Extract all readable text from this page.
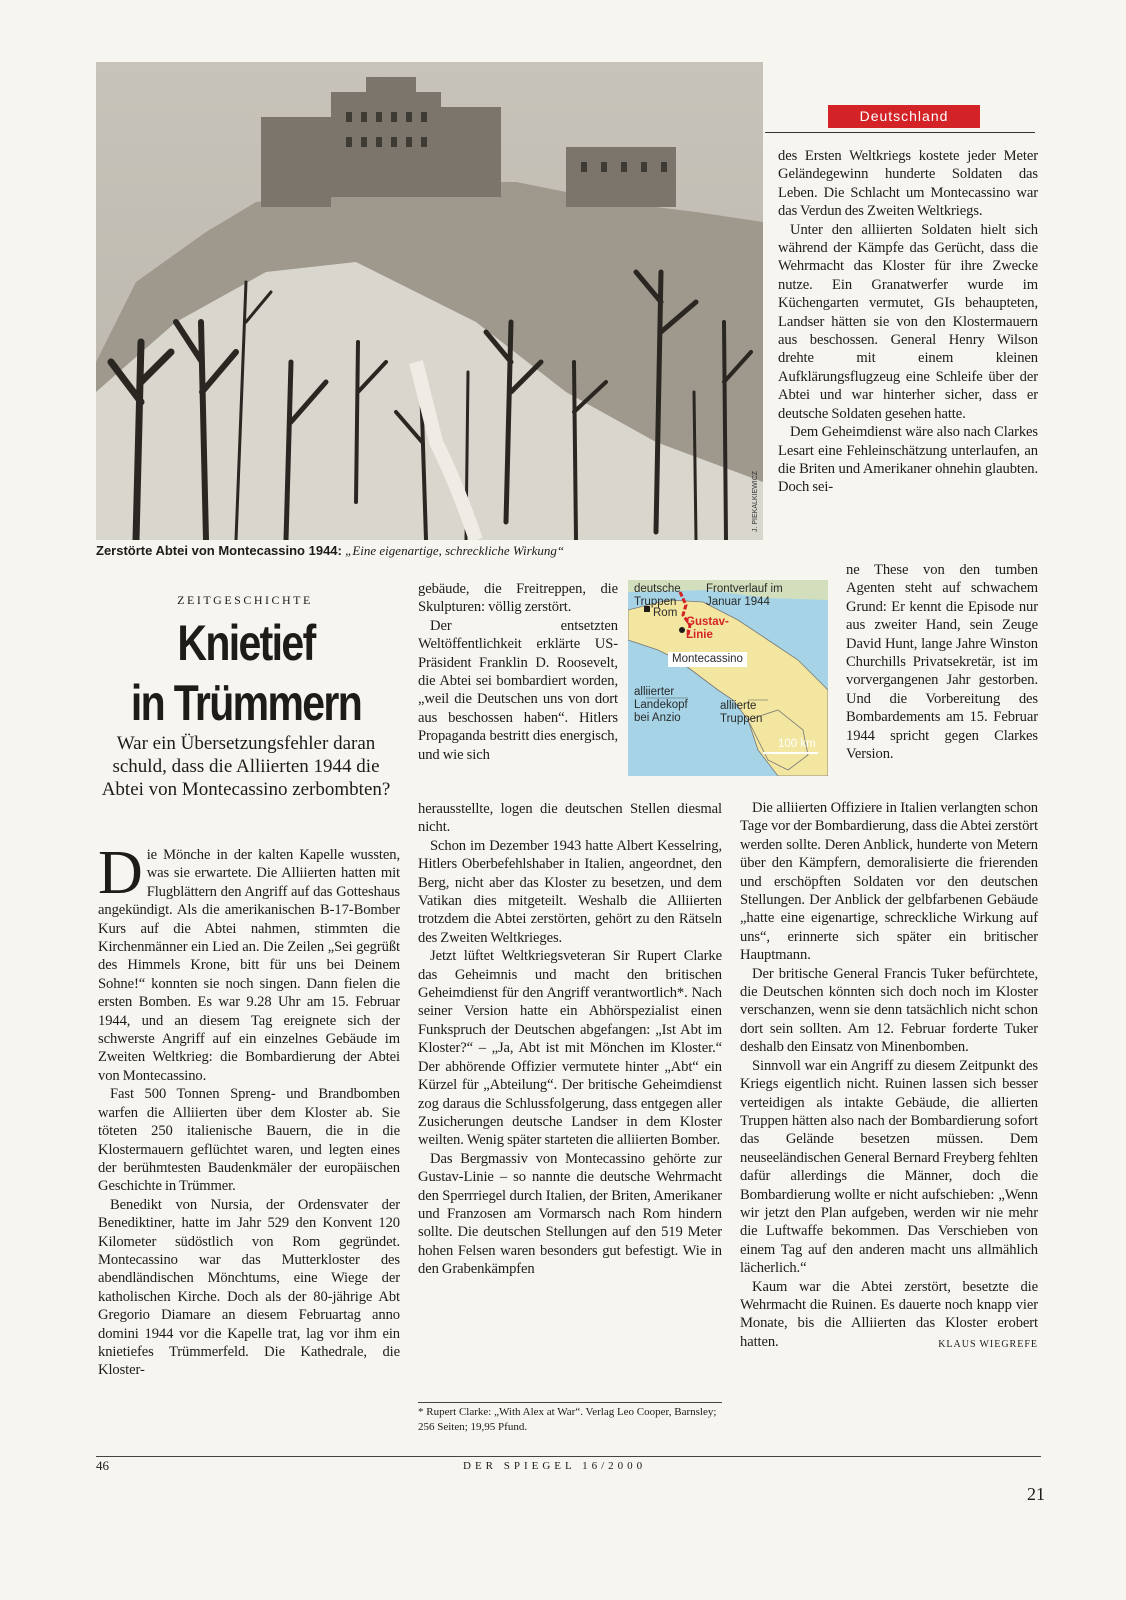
J. PIEKALKIEWICZ
Zerstörte Abtei von Montecassino 1944: „Eine eigenartige, schreckliche Wirkung“
Deutschland
ZEITGESCHICHTE
Knietief
in Trümmern
War ein Übersetzungsfehler daran schuld, dass die Alliierten 1944 die Abtei von Montecassino zerbombten?
D ie Mönche in der kalten Kapelle wussten, was sie erwartete. Die Alliierten hatten mit Flugblättern den Angriff auf das Gotteshaus angekündigt. Als die amerikanischen B-17-Bomber Kurs auf die Abtei nahmen, stimmten die Kirchenmänner ein Lied an. Die Zeilen „Sei gegrüßt des Himmels Krone, bitt für uns bei Deinem Sohne!“ konnten sie noch singen. Dann fielen die ersten Bomben. Es war 9.28 Uhr am 15. Februar 1944, und an diesem Tag ereignete sich der schwerste Angriff auf ein einzelnes Gebäude im Zweiten Weltkrieg: die Bombardierung der Abtei von Montecassino.

Fast 500 Tonnen Spreng- und Brandbomben warfen die Alliierten über dem Kloster ab. Sie töteten 250 italienische Bauern, die in die Klostermauern geflüchtet waren, und legten eines der berühmtesten Baudenkmäler der europäischen Geschichte in Trümmer.

Benedikt von Nursia, der Ordensvater der Benediktiner, hatte im Jahr 529 den Konvent 120 Kilometer südöstlich von Rom gegründet. Montecassino war das Mutterkloster des abendländischen Mönchtums, eine Wiege der katholischen Kirche. Doch als der 80-jährige Abt Gregorio Diamare an diesem Februartag anno domini 1944 vor die Kapelle trat, lag vor ihm ein knietiefes Trümmerfeld. Die Kathedrale, die Kloster-

gebäude, die Freitreppen, die Skulpturen: völlig zerstört.

Der entsetzten Weltöffentlichkeit erklärte US-Präsident Franklin D. Roosevelt, die Abtei sei bombardiert worden, „weil die Deutschen uns von dort aus beschossen haben“. Hitlers Propaganda bestritt dies energisch, und wie sich

herausstellte, logen die deutschen Stellen diesmal nicht.

Schon im Dezember 1943 hatte Albert Kesselring, Hitlers Oberbefehlshaber in Italien, angeordnet, den Berg, nicht aber das Kloster zu besetzen, und dem Vatikan dies mitgeteilt. Weshalb die Alliierten trotzdem die Abtei zerstörten, gehört zu den Rätseln des Zweiten Weltkrieges.

Jetzt lüftet Weltkriegsveteran Sir Rupert Clarke das Geheimnis und macht den britischen Geheimdienst für den Angriff verantwortlich*. Nach seiner Version hatte ein Abhörspezialist einen Funkspruch der Deutschen abgefangen: „Ist Abt im Kloster?“ – „Ja, Abt ist mit Mönchen im Kloster.“ Der abhörende Offizier vermutete hinter „Abt“ ein Kürzel für „Abteilung“. Der britische Geheimdienst zog daraus die Schlussfolgerung, dass entgegen aller Zusicherungen deutsche Landser in dem Kloster weilten. Wenig später starteten die alliierten Bomber.

Das Bergmassiv von Montecassino gehörte zur Gustav-Linie – so nannte die deutsche Wehrmacht den Sperrriegel durch Italien, der Briten, Amerikaner und Franzosen am Vormarsch nach Rom hindern sollte. Die deutschen Stellungen auf den 519 Meter hohen Felsen waren besonders gut befestigt. Wie in den Grabenkämpfen

deutsche Truppen
Rom
Frontverlauf im Januar 1944
Gustav-Linie
Montecassino
alliierter Landekopf bei Anzio
alliierte Truppen
100 km
* Rupert Clarke: „With Alex at War“. Verlag Leo Cooper, Barnsley; 256 Seiten; 19,95 Pfund.

des Ersten Weltkriegs kostete jeder Meter Geländegewinn hunderte Soldaten das Leben. Die Schlacht um Montecassino war das Verdun des Zweiten Weltkriegs.

Unter den alliierten Soldaten hielt sich während der Kämpfe das Gerücht, dass die Wehrmacht das Kloster für ihre Zwecke nutze. Ein Granatwerfer wurde im Küchengarten vermutet, GIs behaupteten, Landser hätten sie von den Klostermauern aus beschossen. General Henry Wilson drehte mit einem kleinen Aufklärungsflugzeug eine Schleife über der Abtei und war hinterher sicher, dass er deutsche Soldaten gesehen hatte.

Dem Geheimdienst wäre also nach Clarkes Lesart eine Fehleinschätzung unterlaufen, an die Briten und Amerikaner ohnehin glaubten. Doch sei-

ne These von den tumben Agenten steht auf schwachem Grund: Er kennt die Episode nur aus zweiter Hand, sein Zeuge David Hunt, lange Jahre Winston Churchills Privatsekretär, ist im vorvergangenen Jahr gestorben. Und die Vorbereitung des Bombardements am 15. Februar 1944 spricht gegen Clarkes Version.

Die alliierten Offiziere in Italien verlangten schon Tage vor der Bombardierung, dass die Abtei zerstört werden sollte. Deren Anblick, hunderte von Metern über den Kämpfern, demoralisierte die frierenden und erschöpften Soldaten vor den deutschen Stellungen. Der Anblick der gelbfarbenen Gebäude „hatte eine eigenartige, schreckliche Wirkung auf uns“, erinnerte sich später ein britischer Hauptmann.

Der britische General Francis Tuker befürchtete, die Deutschen könnten sich doch noch im Kloster verschanzen, wenn sie denn tatsächlich nicht schon dort sein sollten. Am 12. Februar forderte Tuker deshalb den Einsatz von Minenbomben.

Sinnvoll war ein Angriff zu diesem Zeitpunkt des Kriegs eigentlich nicht. Ruinen lassen sich besser verteidigen als intakte Gebäude, die allierten Truppen hätten also nach der Bombardierung sofort das Gelände besetzen müssen. Dem neuseeländischen General Bernard Freyberg fehlten dafür allerdings die Männer, doch die Bombardierung wollte er nicht aufschieben: „Wenn wir jetzt den Plan aufgeben, werden wir nie mehr die Luftwaffe bekommen. Das Verschieben von einem Tag auf den anderen macht uns allmählich lächerlich.“

Kaum war die Abtei zerstört, besetzte die Wehrmacht die Ruinen. Es dauerte noch knapp vier Monate, bis die Alliierten das Kloster erobert hatten.	KLAUS WIEGREFE

46	DER SPIEGEL 16/2000
21
